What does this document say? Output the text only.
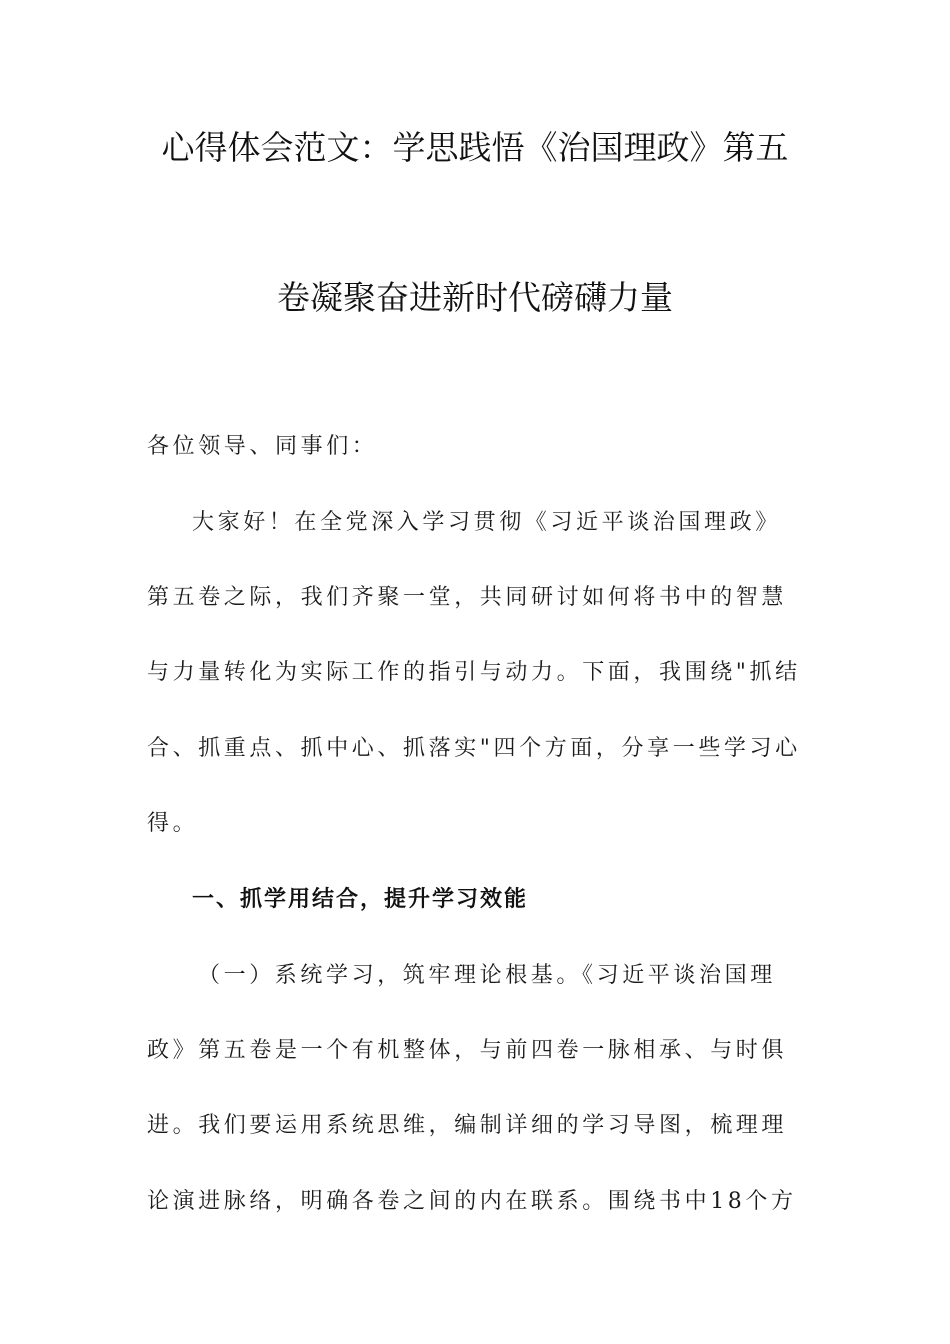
心得体会范文：学思践悟《治国理政》第五
卷凝聚奋进新时代磅礴力量

各位领导、同事们：

大家好！在全党深入学习贯彻《习近平谈治国理政》

第五卷之际，我们齐聚一堂，共同研讨如何将书中的智慧

与力量转化为实际工作的指引与动力。下面，我围绕"抓结

合、抓重点、抓中心、抓落实"四个方面，分享一些学习心

得。

一、抓学用结合，提升学习效能

（一）系统学习，筑牢理论根基。《习近平谈治国理

政》第五卷是一个有机整体，与前四卷一脉相承、与时俱

进。我们要运用系统思维，编制详细的学习导图，梳理理

论演进脉络，明确各卷之间的内在联系。围绕书中18个方
